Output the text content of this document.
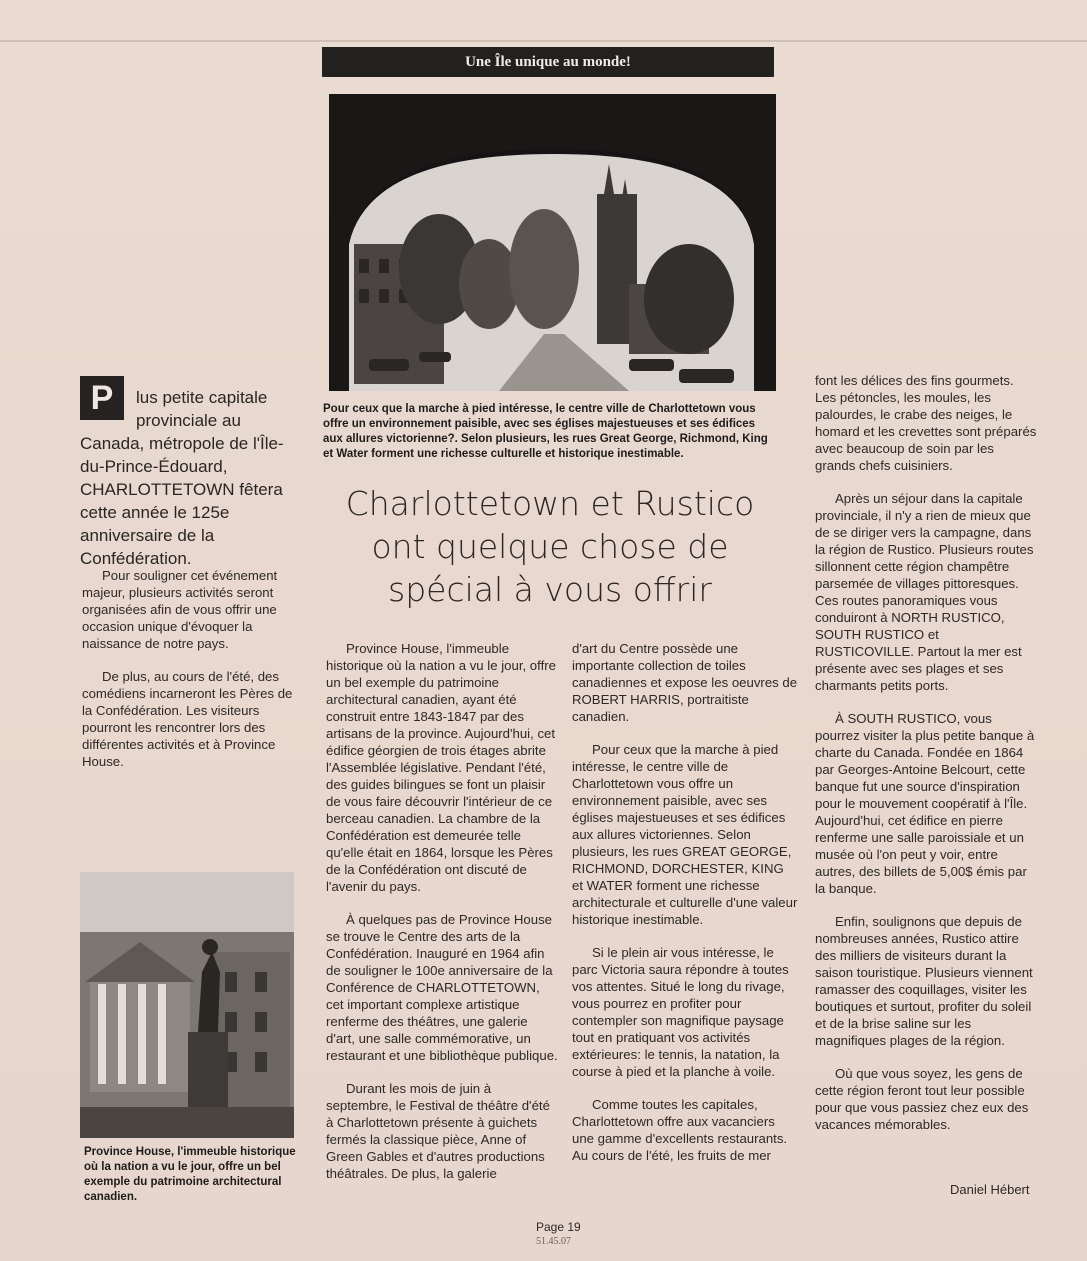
Une Île unique au monde!
Pour ceux que la marche à pied intéresse, le centre ville de Charlottetown vous offre un environnement paisible, avec ses églises majestueuses et ses édifices aux allures victorienne?. Selon plusieurs, les rues Great George, Richmond, King et Water forment une richesse culturelle et historique inestimable.
Charlottetown et Rustico
ont quelque chose de
spécial à vous offrir
P	lus petite capitale provinciale au

Canada, métropole de l'Île-du-Prince-Édouard, CHARLOTTETOWN fêtera cette année le 125e anniversaire de la Confédération.

Pour souligner cet événement majeur, plusieurs activités seront organisées afin de vous offrir une occasion unique d'évoquer la naissance de notre pays.

De plus, au cours de l'été, des comédiens incarneront les Pères de la Confédération. Les visiteurs pourront les rencontrer lors des différentes activités et à Province House.

Province House, l'immeuble historique où la nation a vu le jour, offre un bel exemple du patrimoine architectural canadien.

Province House, l'immeuble historique où la nation a vu le jour, offre un bel exemple du patrimoine architectural canadien, ayant été construit entre 1843-1847 par des artisans de la province. Aujourd'hui, cet édifice géorgien de trois étages abrite l'Assemblée législative. Pendant l'été, des guides bilingues se font un plaisir de vous faire découvrir l'intérieur de ce berceau canadien. La chambre de la Confédération est demeurée telle qu'elle était en 1864, lorsque les Pères de la Confédération ont discuté de l'avenir du pays.

À quelques pas de Province House se trouve le Centre des arts de la Confédération. Inauguré en 1964 afin de souligner le 100e anniversaire de la Conférence de CHARLOTTETOWN, cet important complexe artistique renferme des théâtres, une galerie d'art, une salle commémorative, un restaurant et une bibliothèque publique.

Durant les mois de juin à septembre, le Festival de théâtre d'été à Charlottetown présente à guichets fermés la classique pièce, Anne of Green Gables et d'autres productions théâtrales. De plus, la galerie

d'art du Centre possède une importante collection de toiles canadiennes et expose les oeuvres de ROBERT HARRIS, portraitiste canadien.

Pour ceux que la marche à pied intéresse, le centre ville de Charlottetown vous offre un environnement paisible, avec ses églises majestueuses et ses édifices aux allures victoriennes. Selon plusieurs, les rues GREAT GEORGE, RICHMOND, DORCHESTER, KING et WATER forment une richesse architecturale et culturelle d'une valeur historique inestimable.

Si le plein air vous intéresse, le parc Victoria saura répondre à toutes vos attentes. Situé le long du rivage, vous pourrez en profiter pour contempler son magnifique paysage tout en pratiquant vos activités extérieures: le tennis, la natation, la course à pied et la planche à voile.

Comme toutes les capitales, Charlottetown offre aux vacanciers une gamme d'excellents restaurants. Au cours de l'été, les fruits de mer

font les délices des fins gourmets. Les pétoncles, les moules, les palourdes, le crabe des neiges, le homard et les crevettes sont préparés avec beaucoup de soin par les grands chefs cuisiniers.

Après un séjour dans la capitale provinciale, il n'y a rien de mieux que de se diriger vers la campagne, dans la région de Rustico. Plusieurs routes sillonnent cette région champêtre parsemée de villages pittoresques. Ces routes panoramiques vous conduiront à NORTH RUSTICO, SOUTH RUSTICO et RUSTICOVILLE. Partout la mer est présente avec ses plages et ses charmants petits ports.

À SOUTH RUSTICO, vous pourrez visiter la plus petite banque à charte du Canada. Fondée en 1864 par Georges-Antoine Belcourt, cette banque fut une source d'inspiration pour le mouvement coopératif à l'Île. Aujourd'hui, cet édifice en pierre renferme une salle paroissiale et un musée où l'on peut y voir, entre autres, des billets de 5,00$ émis par la banque.

Enfin, soulignons que depuis de nombreuses années, Rustico attire des milliers de visiteurs durant la saison touristique. Plusieurs viennent ramasser des coquillages, visiter les boutiques et surtout, profiter du soleil et de la brise saline sur les magnifiques plages de la région.

Où que vous soyez, les gens de cette région feront tout leur possible pour que vous passiez chez eux des vacances mémorables.

Daniel Hébert
Page 19
51.45.07
